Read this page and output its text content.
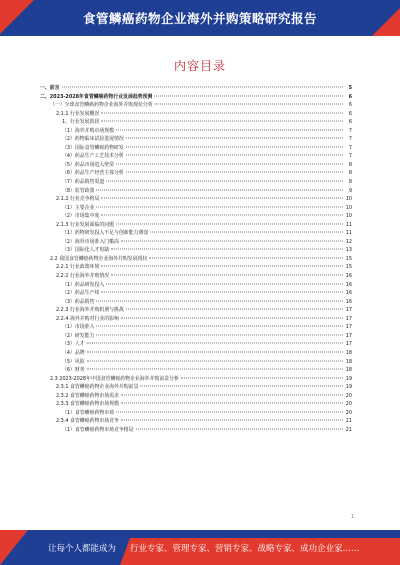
食管鳞癌药物企业海外并购策略研究报告
内容目录
一、前言	5
二、2023-2028年食管鳞癌药物行业发展趋势预测	6
（一）全球食管鳞癌药物企业海外并购现状分析	6
2.1.1 行业发展概况	6
1、行业发展阶段	6
（1）海外并购市场规模	7
（2）药物临床试验进展情况	7
（3）国际食管鳞癌药物研发	7
（4）药品生产工艺技术分析	7
（5）药品市场进入壁垒	8
（6）药品生产经营主体分析	8
（7）药品销售渠道	8
（8）监管政策	9
2.1.2 行业竞争格局	10
（1）主要企业	10
（2）市场集中度	10
2.1.3 行业发展面临的问题	11
（1）药物研发投入不足与创新能力薄弱	11
（2）海外市场准入门槛高	12
（3）国际化人才短缺	13
2.2 我国食管鳞癌药物企业海外并购发展现状	15
2.2.1 行业政策环境	15
2.2.2 行业海外并购情况	16
（1）药品研发投入	16
（2）药品生产线	16
（3）药品销售	16
2.2.3 行业海外并购机遇与挑战	17
2.2.4 海外并购对行业的影响	17
（1）市场准入	17
（2）研发能力	17
（3）人才	17
（4）品牌	18
（5）风险	18
（6）财务	18
2.3 2023-2028年中国食管鳞癌药物企业海外并购前景分析	19
2.3.1 食管鳞癌药物企业海外并购前景	19
2.3.2 食管鳞癌药物市场需求	20
2.3.3 食管鳞癌药物市场规模	20
（1）食管鳞癌药物市场	20
2.3.4 食管鳞癌药物市场竞争	21
（1）食管鳞癌药物市场竞争格局	21
1
让每个人都能成为 行业专家、管理专家、营销专家、战略专家、成功企业家……
